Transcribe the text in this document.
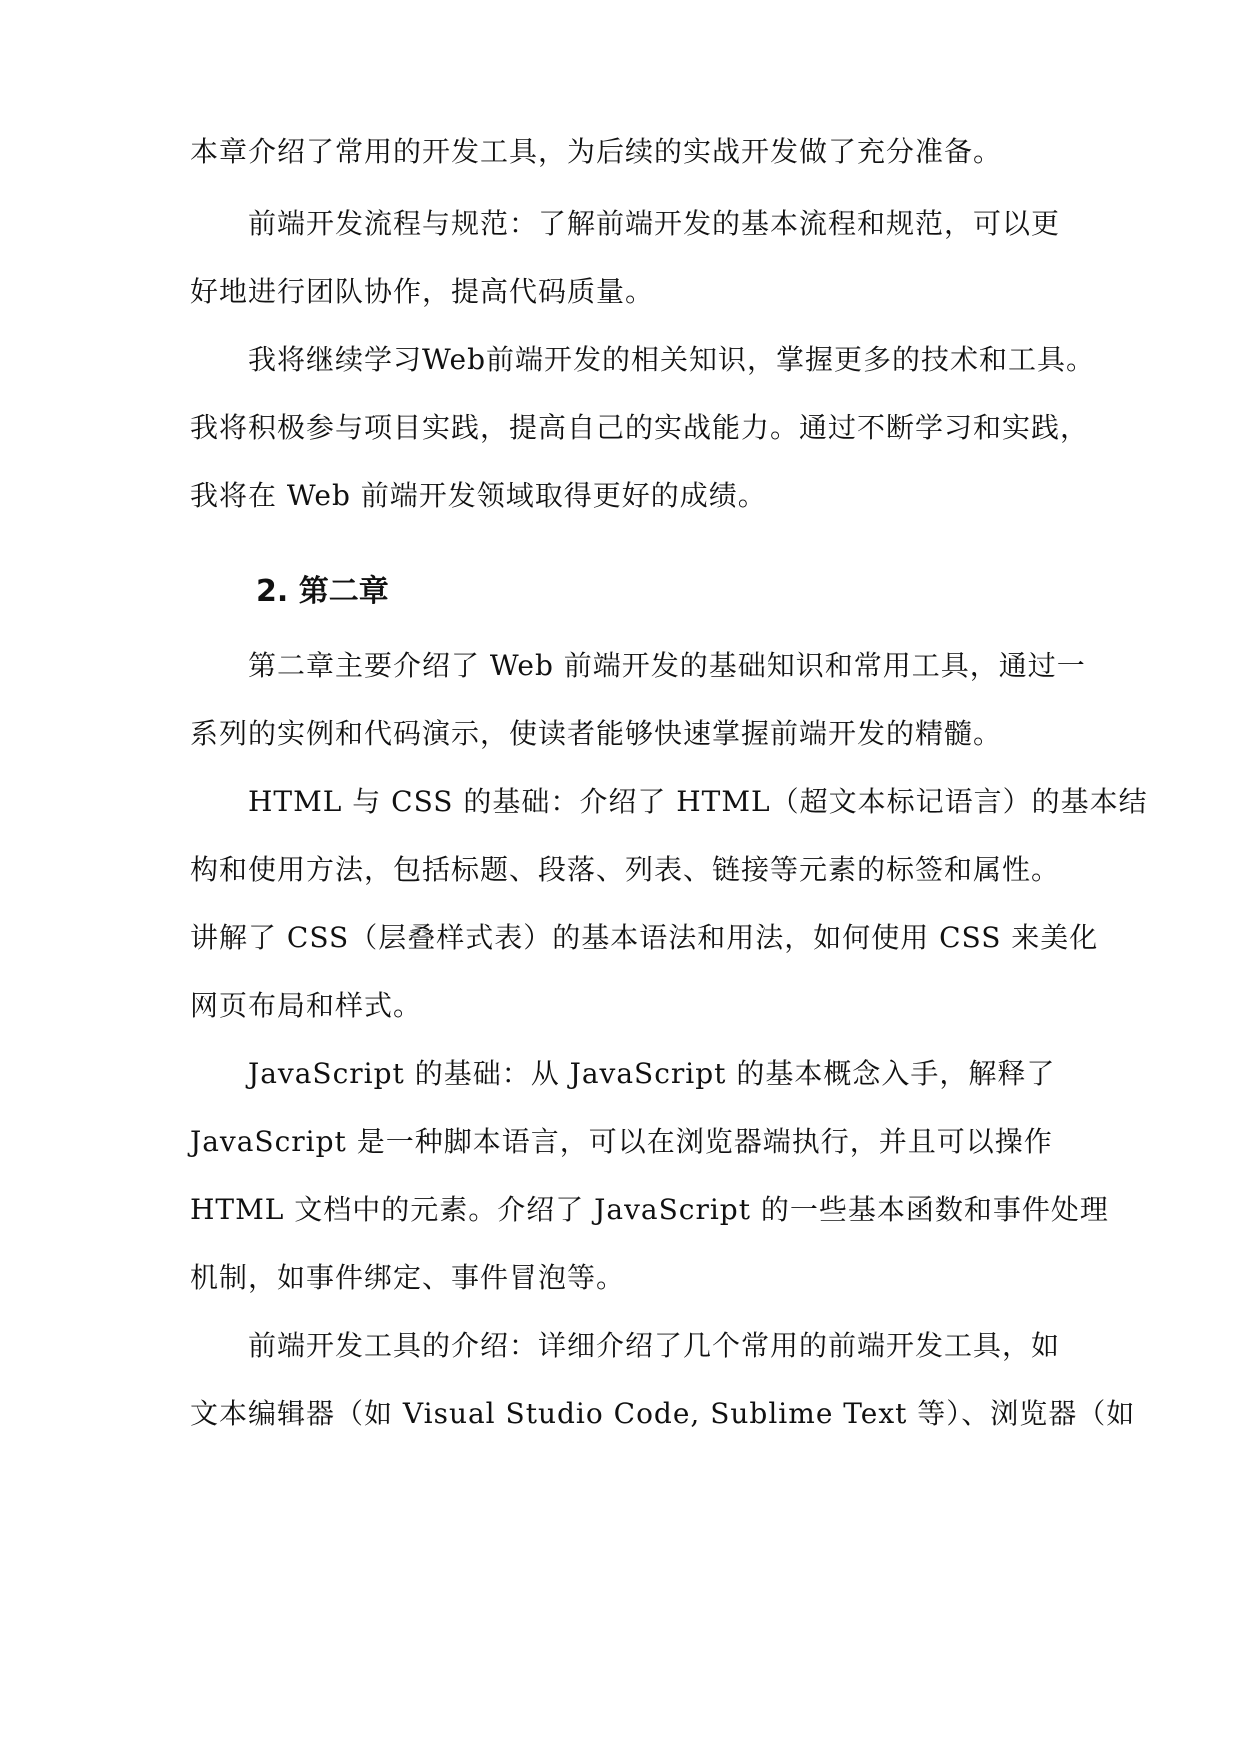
本章介绍了常用的开发工具，为后续的实战开发做了充分准备。
前端开发流程与规范：了解前端开发的基本流程和规范，可以更
好地进行团队协作，提高代码质量。
我将继续学习Web前端开发的相关知识，掌握更多的技术和工具。
我将积极参与项目实践，提高自己的实战能力。通过不断学习和实践，
我将在 Web 前端开发领域取得更好的成绩。
2. 第二章
第二章主要介绍了 Web 前端开发的基础知识和常用工具，通过一
系列的实例和代码演示，使读者能够快速掌握前端开发的精髓。
HTML 与 CSS 的基础：介绍了 HTML（超文本标记语言）的基本结
构和使用方法，包括标题、段落、列表、链接等元素的标签和属性。
讲解了 CSS（层叠样式表）的基本语法和用法，如何使用 CSS 来美化
网页布局和样式。
JavaScript 的基础：从 JavaScript 的基本概念入手，解释了
JavaScript 是一种脚本语言，可以在浏览器端执行，并且可以操作
HTML 文档中的元素。介绍了 JavaScript 的一些基本函数和事件处理
机制，如事件绑定、事件冒泡等。
前端开发工具的介绍：详细介绍了几个常用的前端开发工具，如
文本编辑器（如 Visual Studio Code, Sublime Text 等）、浏览器（如
